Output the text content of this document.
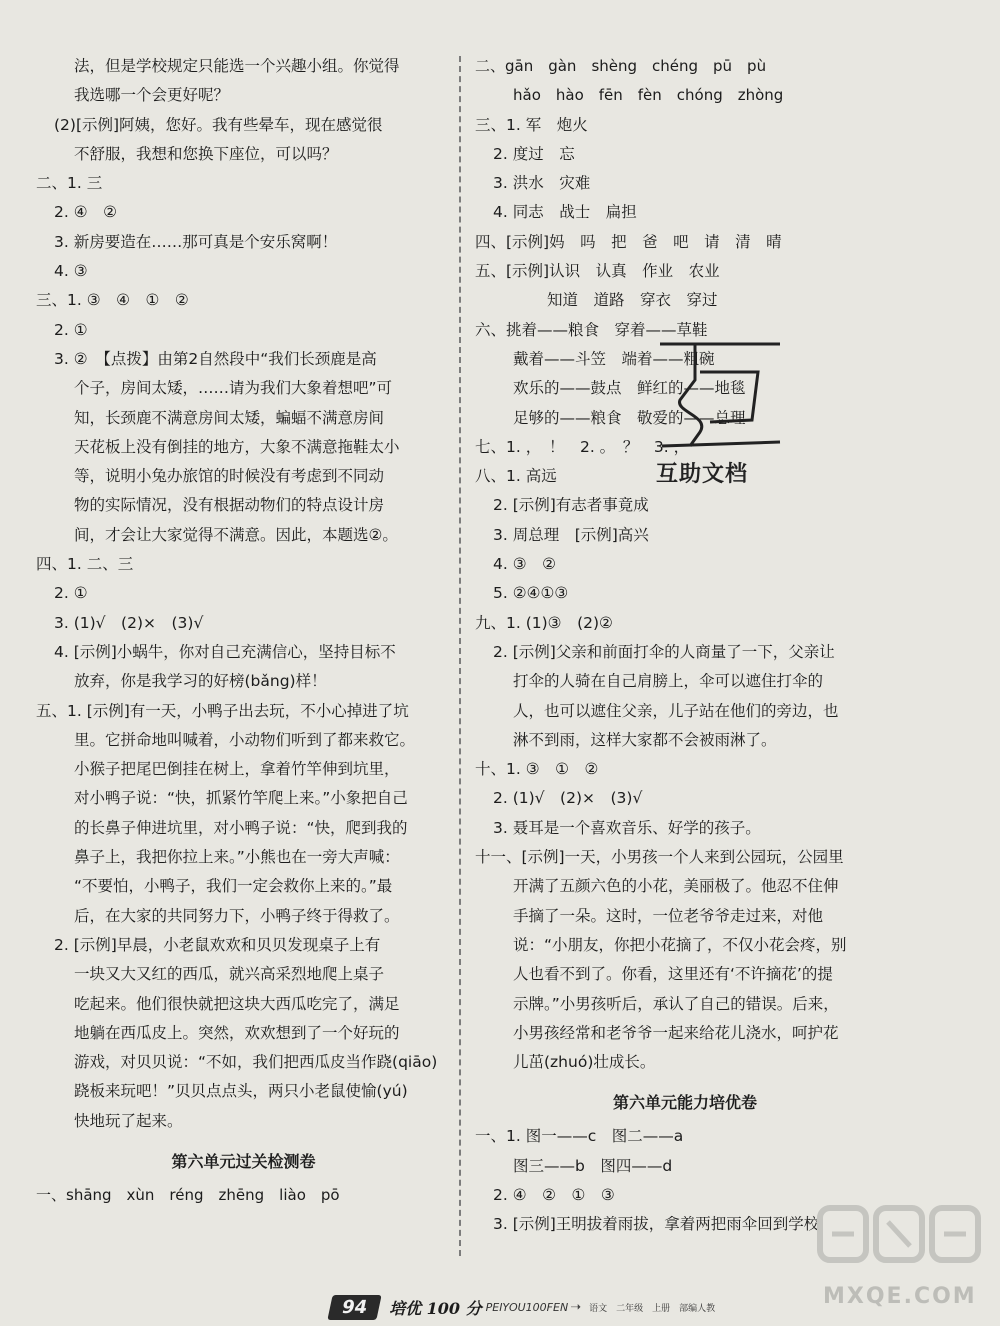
法，但是学校规定只能选一个兴趣小组。你觉得
我选哪一个会更好呢？
(2)[示例]阿姨，您好。我有些晕车，现在感觉很
不舒服，我想和您换下座位，可以吗？
二、1. 三
2. ④　②
3. 新房要造在……那可真是个安乐窝啊！
4. ③
三、1. ③　④　①　②
2. ①
3. ②　【点拨】由第2自然段中“我们长颈鹿是高
个子，房间太矮，……请为我们大象着想吧”可
知，长颈鹿不满意房间太矮，蝙蝠不满意房间
天花板上没有倒挂的地方，大象不满意拖鞋太小
等，说明小兔办旅馆的时候没有考虑到不同动
物的实际情况，没有根据动物们的特点设计房
间，才会让大家觉得不满意。因此，本题选②。
四、1. 二、三
2. ①
3. (1)√　(2)×　(3)√
4. [示例]小蜗牛，你对自己充满信心，坚持目标不
放弃，你是我学习的好榜(bǎng)样！
五、1. [示例]有一天，小鸭子出去玩，不小心掉进了坑
里。它拼命地叫喊着，小动物们听到了都来救它。
小猴子把尾巴倒挂在树上，拿着竹竿伸到坑里，
对小鸭子说：“快，抓紧竹竿爬上来。”小象把自己
的长鼻子伸进坑里，对小鸭子说：“快，爬到我的
鼻子上，我把你拉上来。”小熊也在一旁大声喊：
“不要怕，小鸭子，我们一定会救你上来的。”最
后，在大家的共同努力下，小鸭子终于得救了。
2. [示例]早晨，小老鼠欢欢和贝贝发现桌子上有
一块又大又红的西瓜，就兴高采烈地爬上桌子
吃起来。他们很快就把这块大西瓜吃完了，满足
地躺在西瓜皮上。突然，欢欢想到了一个好玩的
游戏，对贝贝说：“不如，我们把西瓜皮当作跷(qiāo)
跷板来玩吧！”贝贝点点头，两只小老鼠使愉(yú)
快地玩了起来。
第六单元过关检测卷
一、shāng　xùn　réng　zhēng　liào　pō
二、gān　gàn　shèng　chéng　pū　pù
hǎo　hào　fēn　fèn　chóng　zhòng
三、1. 军　炮火
2. 度过　忘
3. 洪水　灾难
4. 同志　战士　扁担
四、[示例]妈　吗　把　爸　吧　请　清　晴
五、[示例]认识　认真　作业　农业
知道　道路　穿衣　穿过
六、挑着——粮食　穿着——草鞋
戴着——斗笠　端着——粗碗
欢乐的——鼓点　鲜红的——地毯
足够的——粮食　敬爱的——总理
七、1. ，　！　2. 。　？　3. ，
八、1. 高远
2. [示例]有志者事竟成
3. 周总理　[示例]高兴
4. ③　②
5. ②④①③
九、1. (1)③　(2)②
2. [示例]父亲和前面打伞的人商量了一下，父亲让
打伞的人骑在自己肩膀上，伞可以遮住打伞的
人，也可以遮住父亲，儿子站在他们的旁边，也
淋不到雨，这样大家都不会被雨淋了。
十、1. ③　①　②
2. (1)√　(2)×　(3)√
3. 聂耳是一个喜欢音乐、好学的孩子。
十一、[示例]一天，小男孩一个人来到公园玩，公园里
开满了五颜六色的小花，美丽极了。他忍不住伸
手摘了一朵。这时，一位老爷爷走过来，对他
说：“小朋友，你把小花摘了，不仅小花会疼，别
人也看不到了。你看，这里还有‘不许摘花’的提
示牌。”小男孩听后，承认了自己的错误。后来，
小男孩经常和老爷爷一起来给花儿浇水，呵护花
儿茁(zhuó)壮成长。
第六单元能力培优卷
一、1. 图一——c　图二——a
图三——b　图四——d
2. ④　②　①　③
3. [示例]王明拔着雨拔，拿着两把雨伞回到学校，
互助文档
MXQE.COM
94	培优 100 分 PEIYOU100FEN ➝ 语文　二年级　上册　部编人教
